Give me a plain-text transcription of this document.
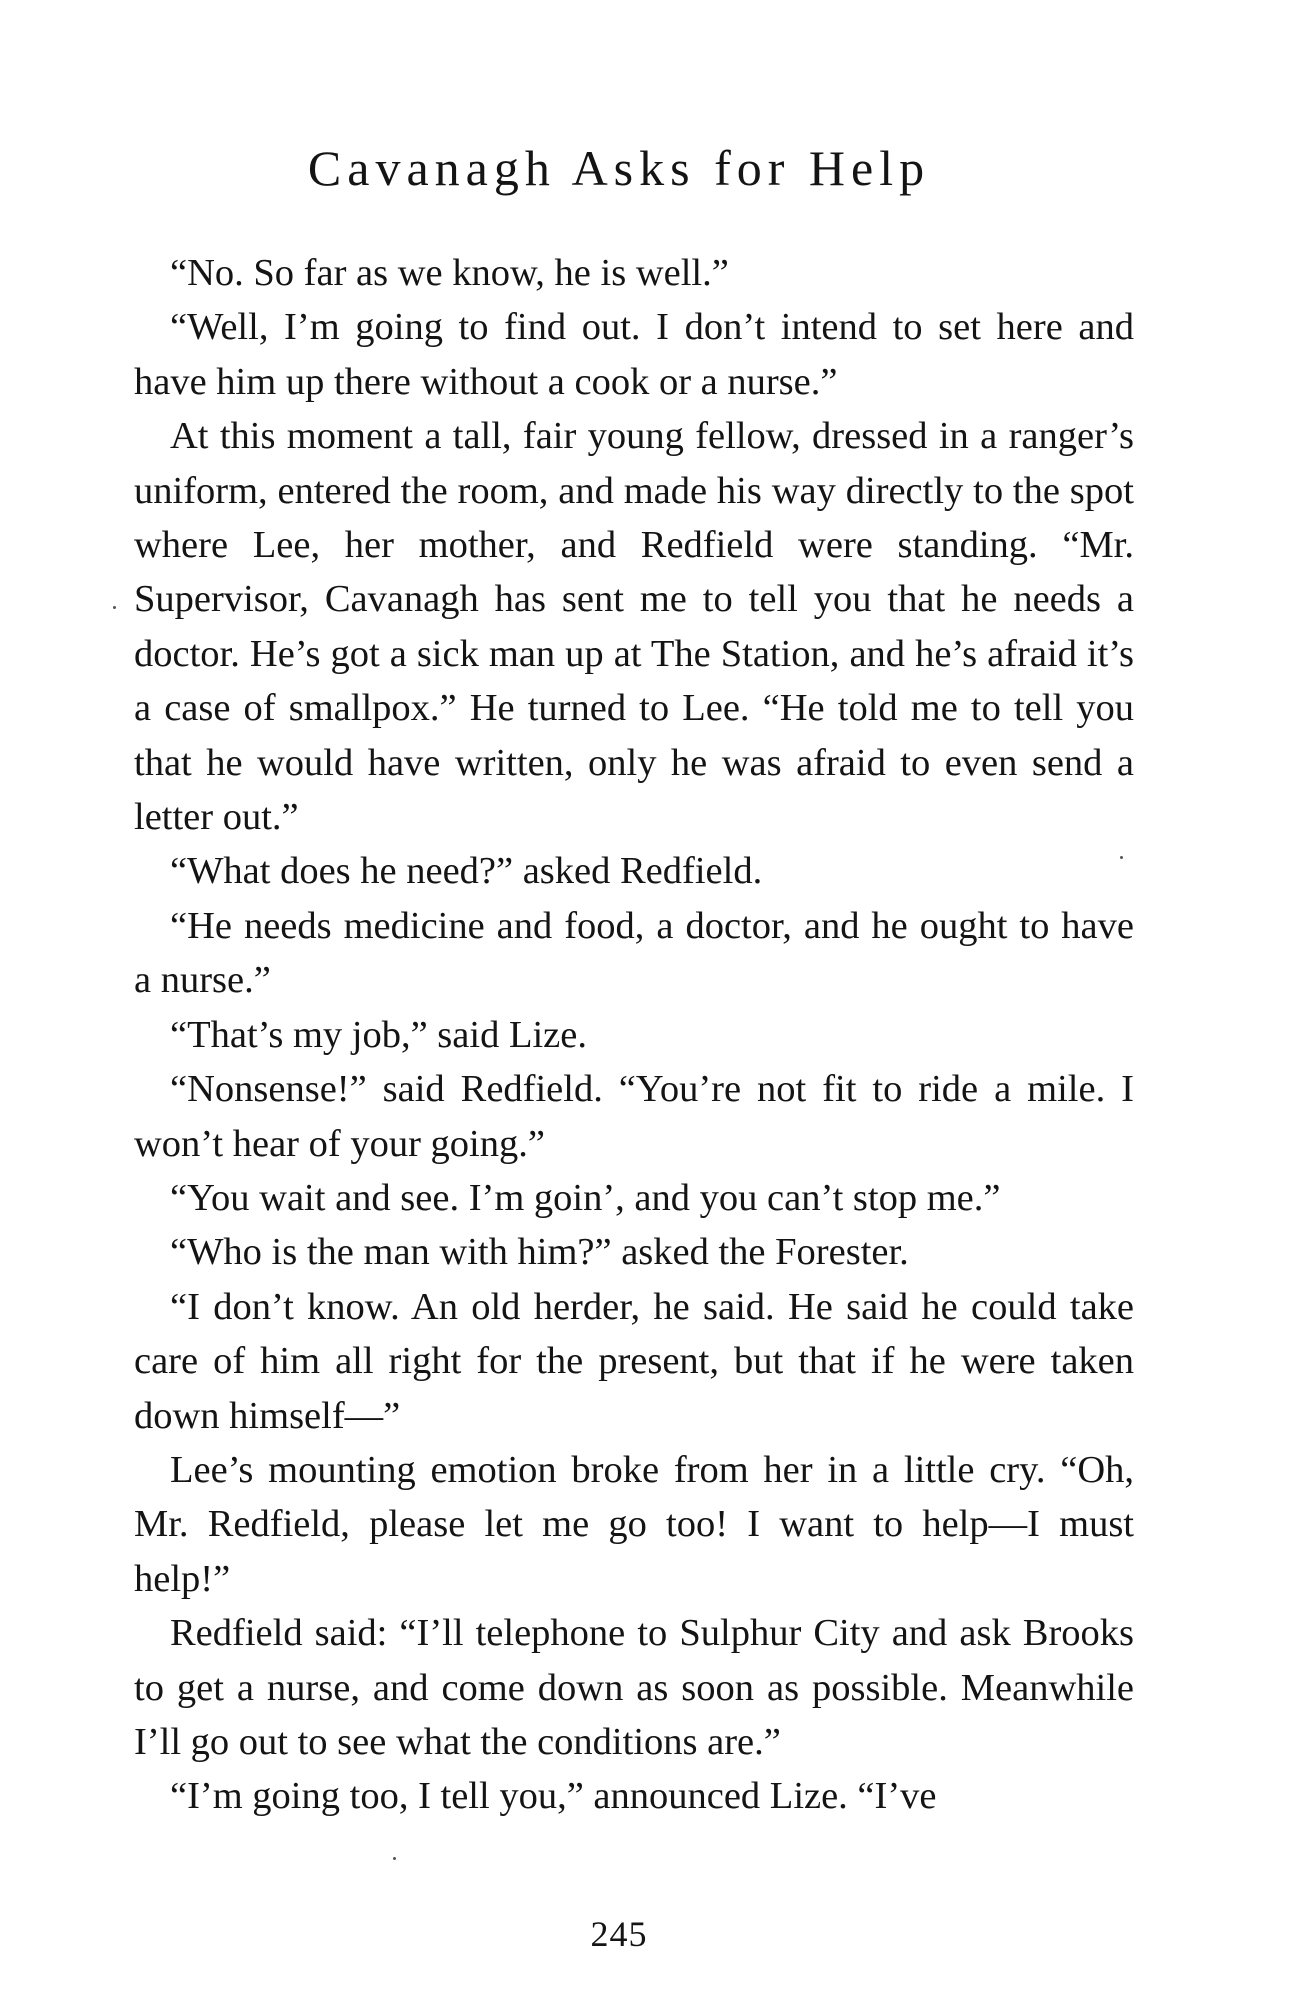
Cavanagh Asks for Help

“No. So far as we know, he is well.”

“Well, I’m going to find out. I don’t intend to set here and have him up there without a cook or a nurse.”

At this moment a tall, fair young fellow, dressed in a ranger’s uniform, entered the room, and made his way directly to the spot where Lee, her mother, and Redfield were standing. “Mr. Supervisor, Cavanagh has sent me to tell you that he needs a doctor. He’s got a sick man up at The Station, and he’s afraid it’s a case of smallpox.” He turned to Lee. “He told me to tell you that he would have written, only he was afraid to even send a letter out.”

“What does he need?” asked Redfield.

“He needs medicine and food, a doctor, and he ought to have a nurse.”

“That’s my job,” said Lize.

“Nonsense!” said Redfield. “You’re not fit to ride a mile. I won’t hear of your going.”

“You wait and see. I’m goin’, and you can’t stop me.”

“Who is the man with him?” asked the Forester.

“I don’t know. An old herder, he said. He said he could take care of him all right for the present, but that if he were taken down himself—”

Lee’s mounting emotion broke from her in a little cry. “Oh, Mr. Redfield, please let me go too! I want to help—I must help!”

Redfield said: “I’ll telephone to Sulphur City and ask Brooks to get a nurse, and come down as soon as possible. Meanwhile I’ll go out to see what the conditions are.”

“I’m going too, I tell you,” announced Lize. “I’ve

245
